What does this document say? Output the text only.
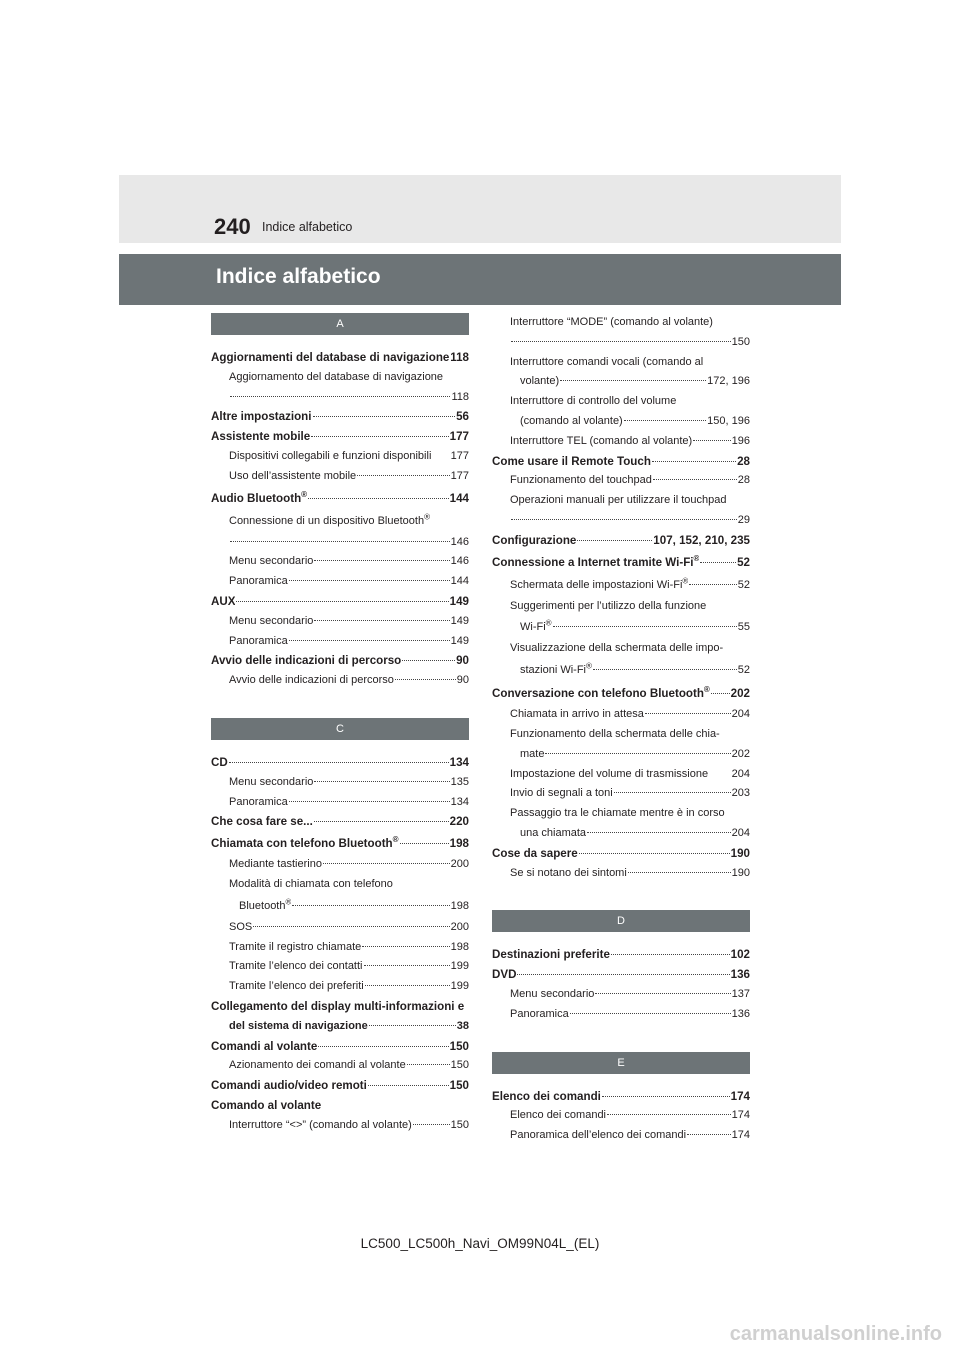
240 Indice alfabetico
Indice alfabetico
A
Aggiornamenti del database di navigazione 118
Aggiornamento del database di navigazione
118
Altre impostazioni	56
Assistente mobile	177
Dispositivi collegabili e funzioni disponibili 177
Uso dell’assistente mobile	177
Audio Bluetooth®	144
Connessione di un dispositivo Bluetooth®
146
Menu secondario	146
Panoramica	144
AUX	149
Menu secondario	149
Panoramica	149
Avvio delle indicazioni di percorso	90
Avvio delle indicazioni di percorso	90
C
CD	134
Menu secondario	135
Panoramica	134
Che cosa fare se...	220
Chiamata con telefono Bluetooth®	198
Mediante tastierino	200
Modalità di chiamata con telefono
Bluetooth®	198
SOS	200
Tramite il registro chiamate	198
Tramite l’elenco dei contatti	199
Tramite l’elenco dei preferiti	199
Collegamento del display multi-informazioni e
del sistema di navigazione	38
Comandi al volante	150
Azionamento dei comandi al volante	150
Comandi audio/video remoti	150
Comando al volante
Interruttore “<>” (comando al volante)	150
Interruttore “MODE” (comando al volante)
150
Interruttore comandi vocali (comando al
volante)	172, 196
Interruttore di controllo del volume
(comando al volante)	150, 196
Interruttore TEL (comando al volante)	196
Come usare il Remote Touch	28
Funzionamento del touchpad	28
Operazioni manuali per utilizzare il touchpad
29
Configurazione	107, 152, 210, 235
Connessione a Internet tramite Wi-Fi®	52
Schermata delle impostazioni Wi-Fi®	52
Suggerimenti per l’utilizzo della funzione
Wi-Fi®	55
Visualizzazione della schermata delle impo-
stazioni Wi-Fi®	52
Conversazione con telefono Bluetooth® 202
Chiamata in arrivo in attesa	204
Funzionamento della schermata delle chia-
mate	202
Impostazione del volume di trasmissione 204
Invio di segnali a toni	203
Passaggio tra le chiamate mentre è in corso
una chiamata	204
Cose da sapere	190
Se si notano dei sintomi	190
D
Destinazioni preferite	102
DVD	136
Menu secondario	137
Panoramica	136
E
Elenco dei comandi	174
Elenco dei comandi	174
Panoramica dell’elenco dei comandi	174
LC500_LC500h_Navi_OM99N04L_(EL)
carmanualsonline.info
